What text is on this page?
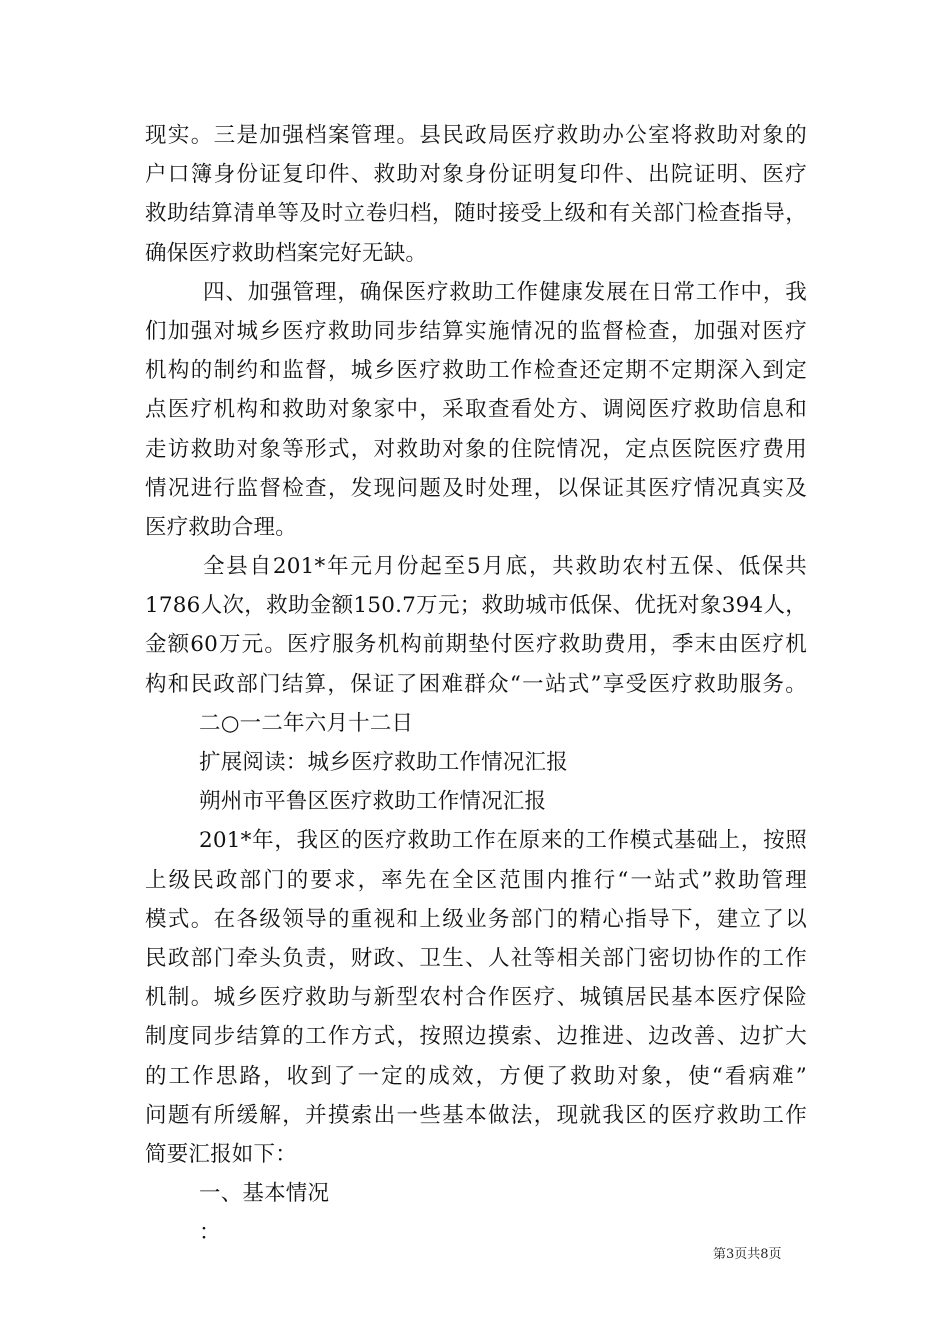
现实。三是加强档案管理。县民政局医疗救助办公室将救助对象的
户口簿身份证复印件、救助对象身份证明复印件、出院证明、医疗
救助结算清单等及时立卷归档，随时接受上级和有关部门检查指导，
确保医疗救助档案完好无缺。
四、加强管理，确保医疗救助工作健康发展在日常工作中，我
们加强对城乡医疗救助同步结算实施情况的监督检查，加强对医疗
机构的制约和监督，城乡医疗救助工作检查还定期不定期深入到定
点医疗机构和救助对象家中，采取查看处方、调阅医疗救助信息和
走访救助对象等形式，对救助对象的住院情况，定点医院医疗费用
情况进行监督检查，发现问题及时处理，以保证其医疗情况真实及
医疗救助合理。
全县自201*年元月份起至5月底，共救助农村五保、低保共
1786人次，救助金额150.7万元；救助城市低保、优抚对象394人，
金额60万元。医疗服务机构前期垫付医疗救助费用，季末由医疗机
构和民政部门结算，保证了困难群众“一站式”享受医疗救助服务。
二○一二年六月十二日
扩展阅读：城乡医疗救助工作情况汇报
朔州市平鲁区医疗救助工作情况汇报
201*年，我区的医疗救助工作在原来的工作模式基础上，按照
上级民政部门的要求，率先在全区范围内推行“一站式”救助管理
模式。在各级领导的重视和上级业务部门的精心指导下，建立了以
民政部门牵头负责，财政、卫生、人社等相关部门密切协作的工作
机制。城乡医疗救助与新型农村合作医疗、城镇居民基本医疗保险
制度同步结算的工作方式，按照边摸索、边推进、边改善、边扩大
的工作思路，收到了一定的成效，方便了救助对象，使“看病难”
问题有所缓解，并摸索出一些基本做法，现就我区的医疗救助工作
简要汇报如下：
一、基本情况
：
第3页共8页
